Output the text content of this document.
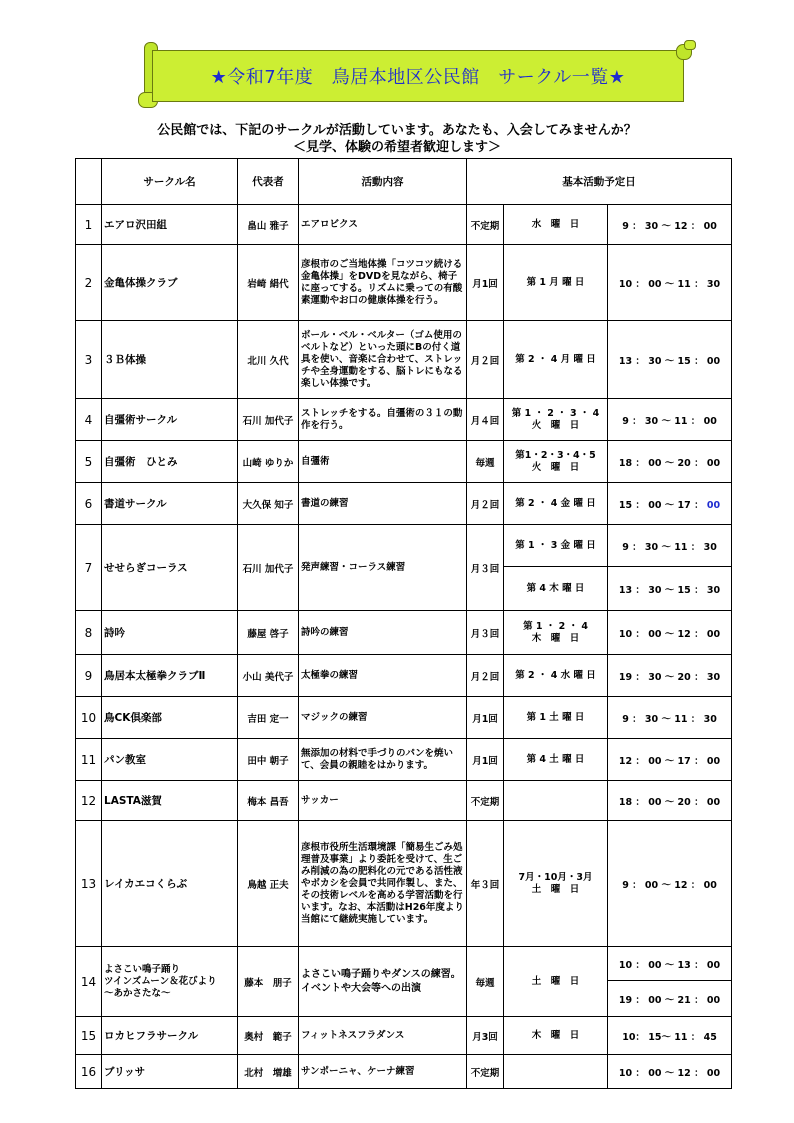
★令和7年度　鳥居本地区公民館　サークル一覧★
公民館では、下記のサークルが活動しています。あなたも、入会してみませんか？
＜見学、体験の希望者歓迎します＞
	サークル名	代表者	活動内容	基本活動予定日		
1	エアロ沢田組	畠山 雅子	エアロビクス	不定期	水　曜　日	9 ： 30 ～ 12 ： 00
2	金亀体操クラブ	岩崎 絹代	彦根市のご当地体操「コツコツ続ける金亀体操」をDVDを見ながら、椅子に座ってする。リズムに乗っての有酸素運動やお口の健康体操を行う。	月1回	第 1 月 曜 日	10 ： 00 ～ 11 ： 30
3	３Ｂ体操	北川 久代	ボール・ベル・ベルター（ゴム使用のベルトなど）といった頭にBの付く道具を使い、音楽に合わせて、ストレッチや全身運動をする、脳トレにもなる楽しい体操です。	月２回	第 2 ・ 4 月 曜 日	13 ： 30 ～ 15 ： 00
4	自彊術サークル	石川 加代子	ストレッチをする。自彊術の３１の動作を行う。	月４回	第 1 ・ 2 ・ 3 ・ 4
火　曜　日	9 ： 30 ～ 11 ： 00
5	自彊術　ひとみ	山崎 ゆりか	自彊術	毎週	第1・2・3・4・5
火　曜　日	18 ： 00 ～ 20 ： 00
6	書道サークル	大久保 知子	書道の練習	月２回	第 2 ・ 4 金 曜 日	15 ： 00 ～ 17 ： 00
7	せせらぎコーラス	石川 加代子	発声練習・コーラス練習	月３回	第 1 ・ 3 金 曜 日	9 ： 30 ～ 11 ： 30
					第 4 木 曜 日	13 ： 30 ～ 15 ： 30
8	詩吟	藤屋 啓子	詩吟の練習	月３回	第 1 ・ 2 ・ 4
木　曜　日	10 ： 00 ～ 12 ： 00
9	鳥居本太極拳クラブⅡ	小山 美代子	太極拳の練習	月２回	第 2 ・ 4 水 曜 日	19 ： 30 ～ 20 ： 30
10	鳥CK倶楽部	吉田 定一	マジックの練習	月1回	第 1 土 曜 日	9 ： 30 ～ 11 ： 30
11	パン教室	田中 朝子	無添加の材料で手づりのパンを焼いて、会員の親睦をはかります。	月1回	第 4 土 曜 日	12 ： 00 ～ 17 ： 00
12	LASTA滋賀	梅本 昌吾	サッカー	不定期		18 ： 00 ～ 20 ： 00
13	レイカエコくらぶ	鳥越 正夫	彦根市役所生活環境課「簡易生ごみ処理普及事業」より委託を受けて、生ごみ削減の為の肥料化の元である活性液やボカシを会員で共同作製し、また、その技術レベルを高める学習活動を行います。なお、本活動はH26年度より当館にて継続実施しています。	年３回	7月・10月・3月
土　曜　日	9 ： 00 ～ 12 ： 00
14	よさこい鳴子踊り
ツインズムーン＆花びより
～あかさたな～	藤本　朋子	よさこい鳴子踊りやダンスの練習。イベントや大会等への出演	毎週	土　曜　日	10 ： 00 ～ 13 ： 00
						19 ： 00 ～ 21 ： 00
15	ロカヒフラサークル	奥村　範子	フィットネスフラダンス	月3回	木　曜　日	10： 15～ 11 ： 45
16	ブリッサ	北村　増雄	サンポーニャ、ケーナ練習	不定期		10 ： 00 ～ 12 ： 00
